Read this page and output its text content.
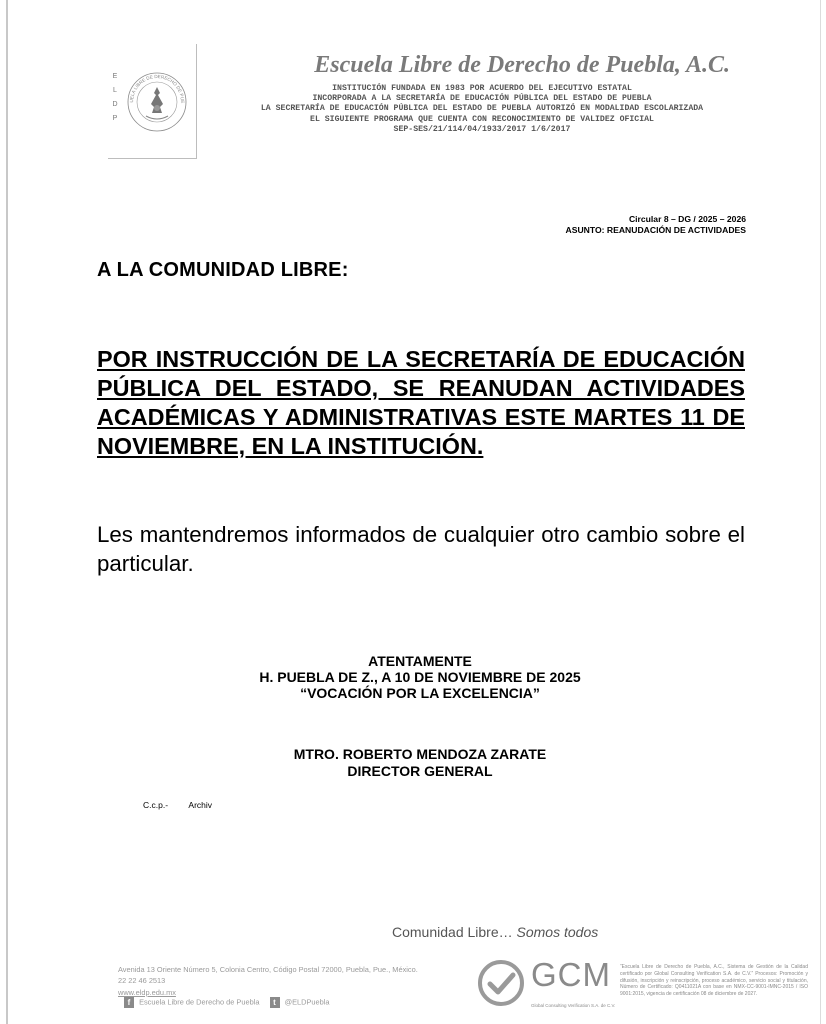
E
L
D
P
UELA LIBRE DE DERECHO DE PUE
Escuela Libre de Derecho de Puebla, A.C.
INSTITUCIÓN FUNDADA EN 1983 POR ACUERDO DEL EJECUTIVO ESTATAL
INCORPORADA A LA SECRETARÍA DE EDUCACIÓN PÚBLICA DEL ESTADO DE PUEBLA
LA SECRETARÍA DE EDUCACIÓN PÚBLICA DEL ESTADO DE PUEBLA AUTORIZÓ EN MODALIDAD ESCOLARIZADA
EL SIGUIENTE PROGRAMA QUE CUENTA CON RECONOCIMIENTO DE VALIDEZ OFICIAL
SEP-SES/21/114/04/1933/2017 1/6/2017
Circular 8 – DG / 2025 – 2026
ASUNTO: REANUDACIÓN DE ACTIVIDADES
A LA COMUNIDAD LIBRE:
POR INSTRUCCIÓN DE LA SECRETARÍA DE EDUCACIÓN PÚBLICA DEL ESTADO, SE REANUDAN ACTIVIDADES ACADÉMICAS Y ADMINISTRATIVAS ESTE MARTES 11 DE NOVIEMBRE, EN LA INSTITUCIÓN.
Les mantendremos informados de cualquier otro cambio sobre el particular.
ATENTAMENTE
H. PUEBLA DE Z., A 10 DE NOVIEMBRE DE 2025
“VOCACIÓN POR LA EXCELENCIA”
MTRO. ROBERTO MENDOZA ZARATE
DIRECTOR GENERAL
C.c.p.- Archiv
Comunidad Libre… Somos todos
Avenida 13 Oriente Número 5, Colonia Centro, Código Postal 72000, Puebla, Pue., México.
22 22 46 2513
www.eldp.edu.mx
f Escuela Libre de Derecho de Puebla t @ELDPuebla
GCM
Global Consulting Verification S.A. de C.V.
“Escuela Libre de Derecho de Puebla, A.C., Sistema de Gestión de la Calidad certificado por Global Consulting Verification S.A. de C.V.” Procesos: Promoción y difusión, inscripción y reinscripción, proceso académico, servicio social y titulación, Número de Certificado: Q0411021A con base en NMX-CC-9001-IMNC-2015 / ISO 9001:2015, vigencia de certificación 08 de diciembre de 2027.
